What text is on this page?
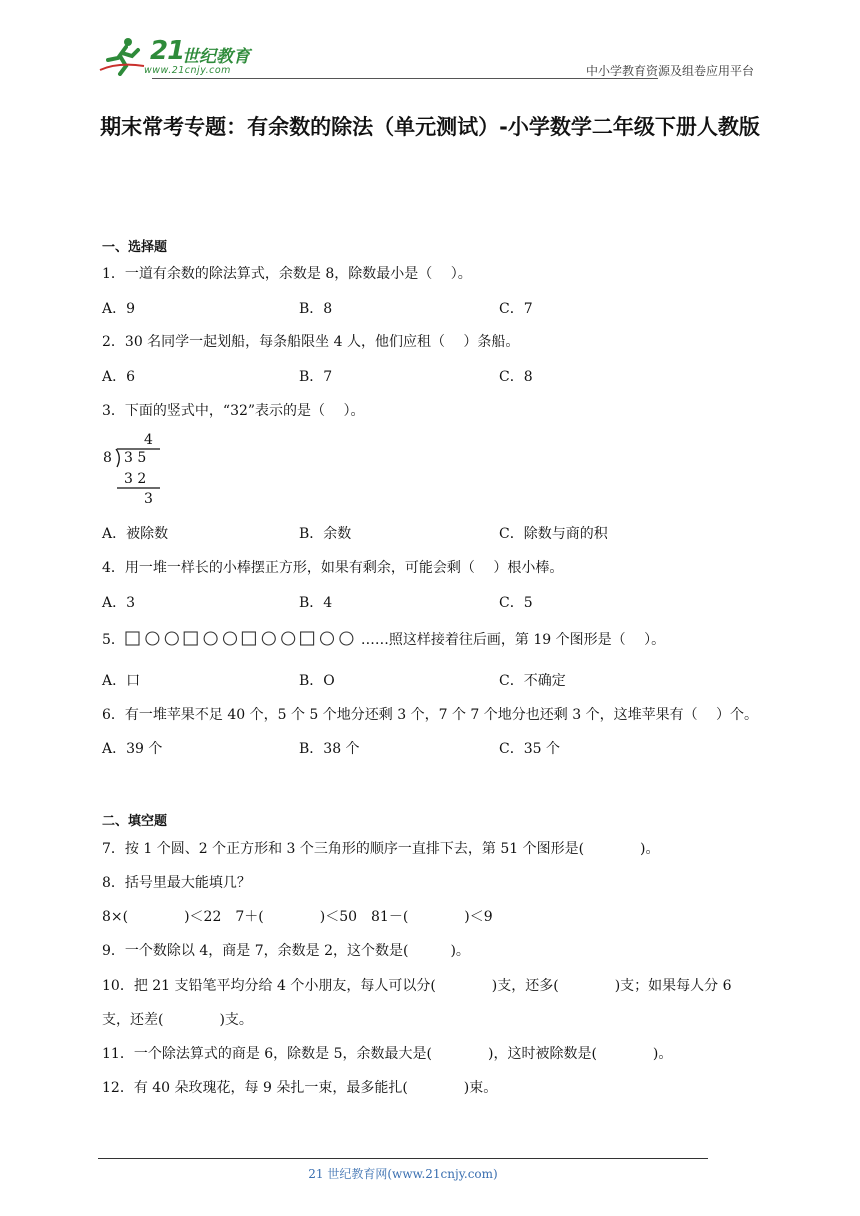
21
世纪教育
www.21cnjy.com	中小学教育资源及组卷应用平台
期末常考专题：有余数的除法（单元测试）-小学数学二年级下册人教版
一、选择题
1．一道有余数的除法算式，余数是 8，除数最小是（　 ）。
A．9	B．8	C．7
2．30 名同学一起划船，每条船限坐 4 人，他们应租（　 ）条船。
A．6	B．7	C．8
3．下面的竖式中，“32”表示的是（　 ）。
4
8 3 5
3 2
3
A．被除数	B．余数	C．除数与商的积
4．用一堆一样长的小棒摆正方形，如果有剩余，可能会剩（　 ）根小棒。
A．3	B．4	C．5
5．	……照这样接着往后画，第 19 个图形是（　 ）。
A．口	B．O	C．不确定
6．有一堆苹果不足 40 个，5 个 5 个地分还剩 3 个，7 个 7 个地分也还剩 3 个，这堆苹果有（　 ）个。
A．39 个	B．38 个	C．35 个
二、填空题
7．按 1 个圆、2 个正方形和 3 个三角形的顺序一直排下去，第 51 个图形是(　　　　)。
8．括号里最大能填几？
8×(　　　　)＜22　7＋(　　　　)＜50　81－(　　　　)＜9
9．一个数除以 4，商是 7，余数是 2，这个数是(　　　)。
10．把 21 支铅笔平均分给 4 个小朋友，每人可以分(　　　　)支，还多(　　　　)支；如果每人分 6
支，还差(　　　　)支。
11．一个除法算式的商是 6，除数是 5，余数最大是(　　　　)，这时被除数是(　　　　)。
12．有 40 朵玫瑰花，每 9 朵扎一束，最多能扎(　　　　)束。
21 世纪教育网(www.21cnjy.com)
